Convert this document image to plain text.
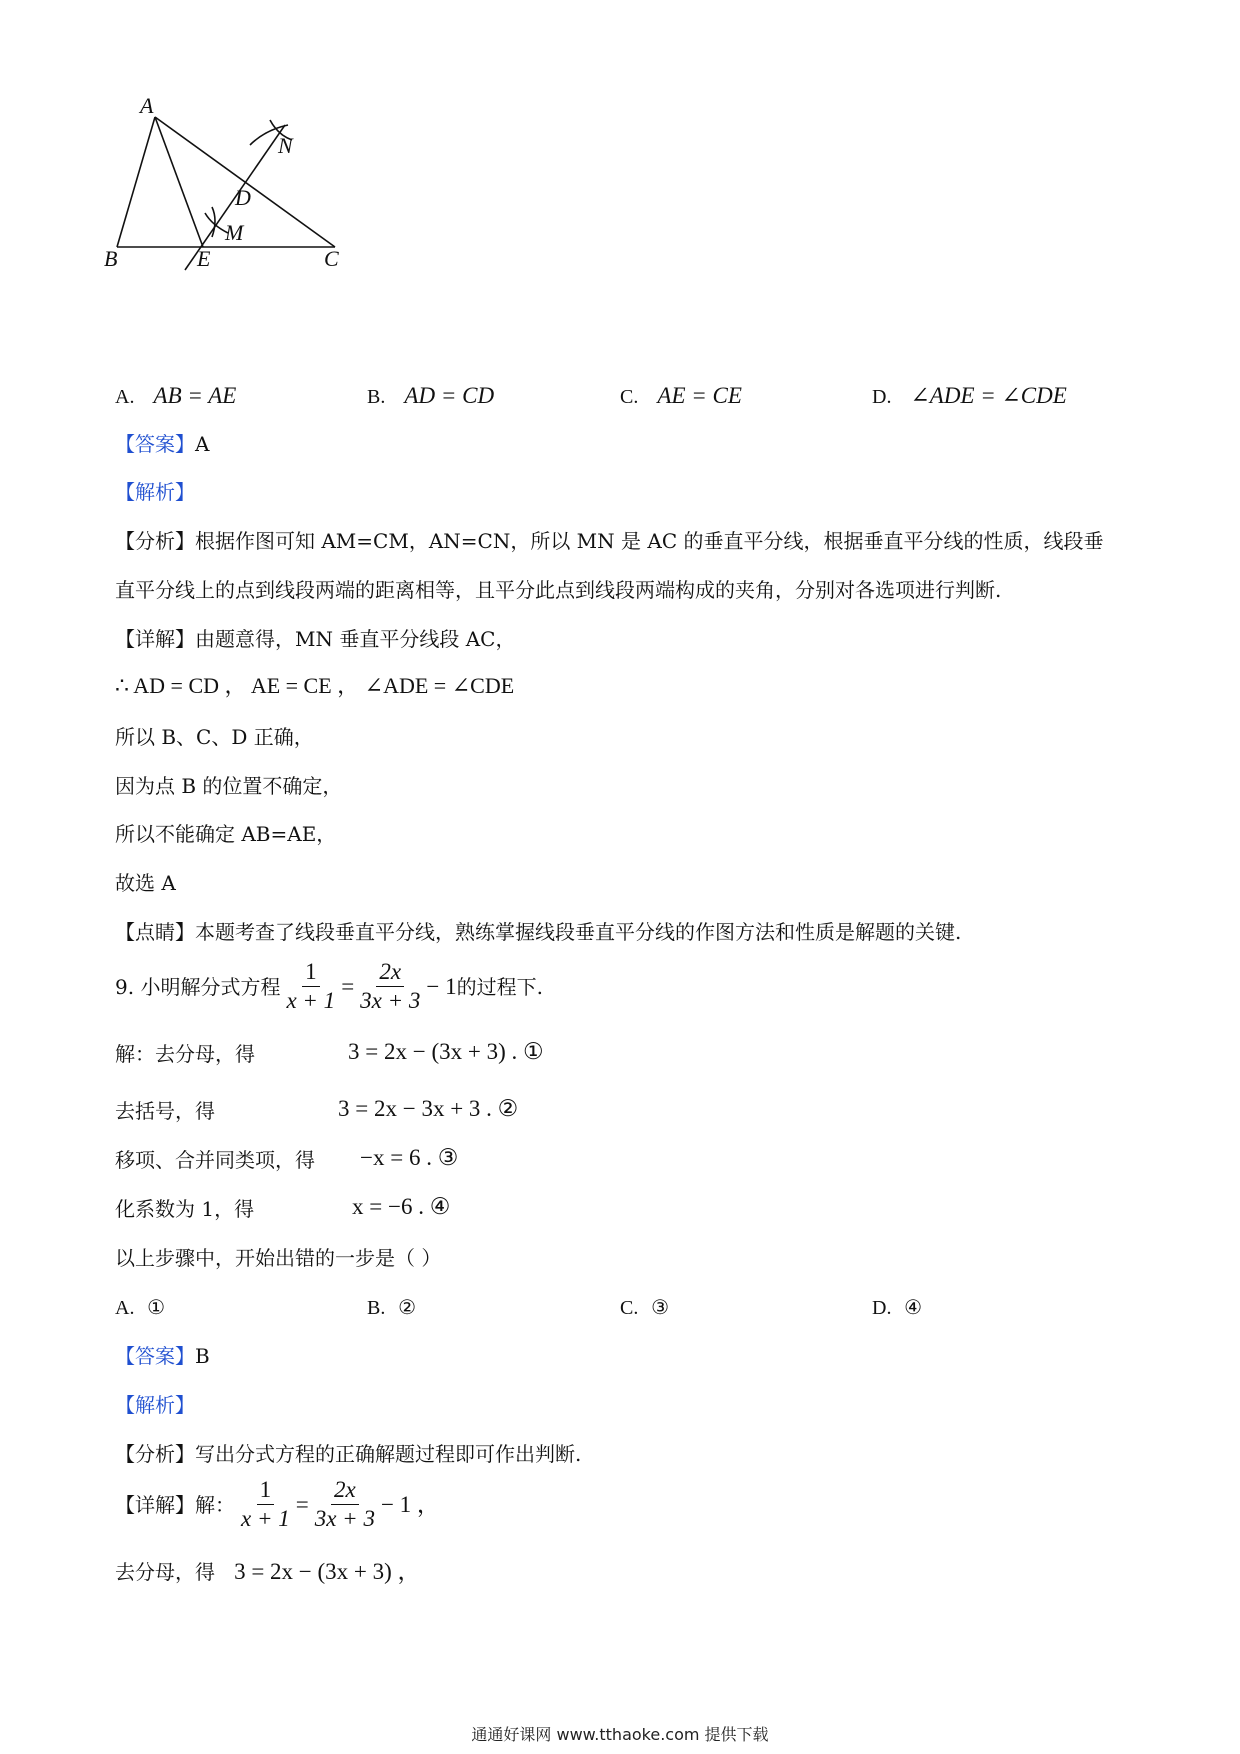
A
B	E	C
D
M
N
A. AB = AE	B. AD = CD	C. AE = CE	D. ∠ADE = ∠CDE
【答案】A
【解析】
【分析】根据作图可知 AM=CM，AN=CN，所以 MN 是 AC 的垂直平分线，根据垂直平分线的性质，线段垂
直平分线上的点到线段两端的距离相等，且平分此点到线段两端构成的夹角，分别对各选项进行判断.
【详解】由题意得，MN 垂直平分线段 AC，
∴ AD = CD ， AE = CE ， ∠ADE = ∠CDE
所以 B、C、D 正确，
因为点 B 的位置不确定，
所以不能确定 AB=AE，
故选 A
【点睛】本题考查了线段垂直平分线，熟练掌握线段垂直平分线的作图方法和性质是解题的关键.
9. 小明解分式方程 $\frac{1}{x + 1} = \frac{2x}{3x + 3} - 1$ 的过程下.
解：去分母，得	3 = 2x − (3x + 3) . ①
去括号，得	3 = 2x − 3x + 3 . ②
移项、合并同类项，得 −x = 6 . ③
化系数为 1，得	x = −6 . ④
以上步骤中，开始出错的一步是（ ）
A. ①	B. ②	C. ③	D. ④
【答案】B
【解析】
【分析】写出分式方程的正确解题过程即可作出判断.
【详解】 解： $\frac{1}{x + 1} = \frac{2x}{3x + 3} - 1$ ，
去分母，得 3 = 2x − (3x + 3) ，
通通好课网 www.tthaoke.com 提供下载
